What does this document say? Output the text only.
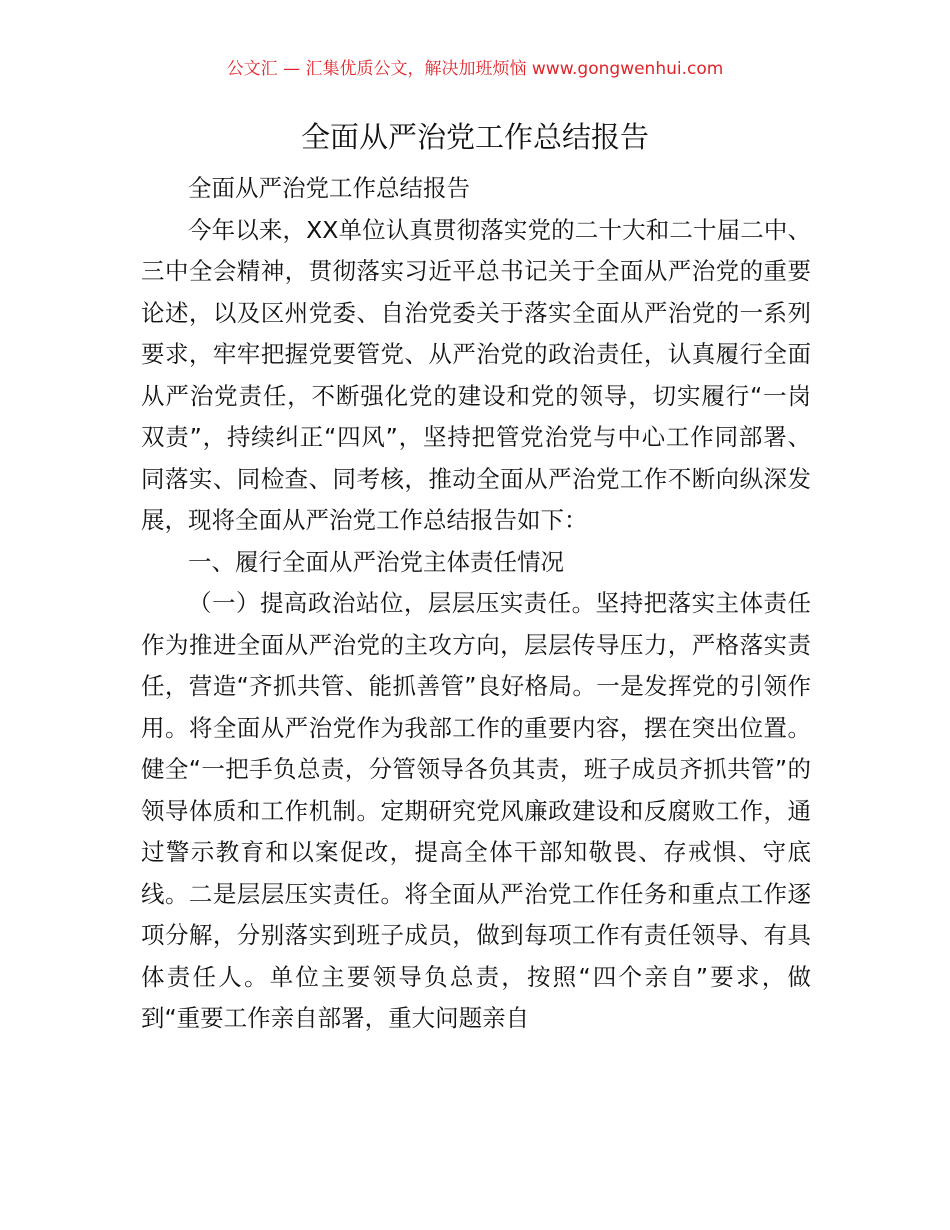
公文汇 — 汇集优质公文，解决加班烦恼 www.gongwenhui.com
全面从严治党工作总结报告

全面从严治党工作总结报告

今年以来，XX单位认真贯彻落实党的二十大和二十届二中、三中全会精神，贯彻落实习近平总书记关于全面从严治党的重要论述，以及区州党委、自治党委关于落实全面从严治党的一系列要求，牢牢把握党要管党、从严治党的政治责任，认真履行全面从严治党责任，不断强化党的建设和党的领导，切实履行“一岗双责”，持续纠正“四风”，坚持把管党治党与中心工作同部署、同落实、同检查、同考核，推动全面从严治党工作不断向纵深发展，现将全面从严治党工作总结报告如下：

一、履行全面从严治党主体责任情况

（一）提高政治站位，层层压实责任。坚持把落实主体责任作为推进全面从严治党的主攻方向，层层传导压力，严格落实责任，营造“齐抓共管、能抓善管”良好格局。一是发挥党的引领作用。将全面从严治党作为我部工作的重要内容，摆在突出位置。健全“一把手负总责，分管领导各负其责，班子成员齐抓共管”的领导体质和工作机制。定期研究党风廉政建设和反腐败工作，通过警示教育和以案促改，提高全体干部知敬畏、存戒惧、守底线。二是层层压实责任。将全面从严治党工作任务和重点工作逐项分解，分别落实到班子成员，做到每项工作有责任领导、有具体责任人。单位主要领导负总责，按照“四个亲自”要求，做到“重要工作亲自部署，重大问题亲自
